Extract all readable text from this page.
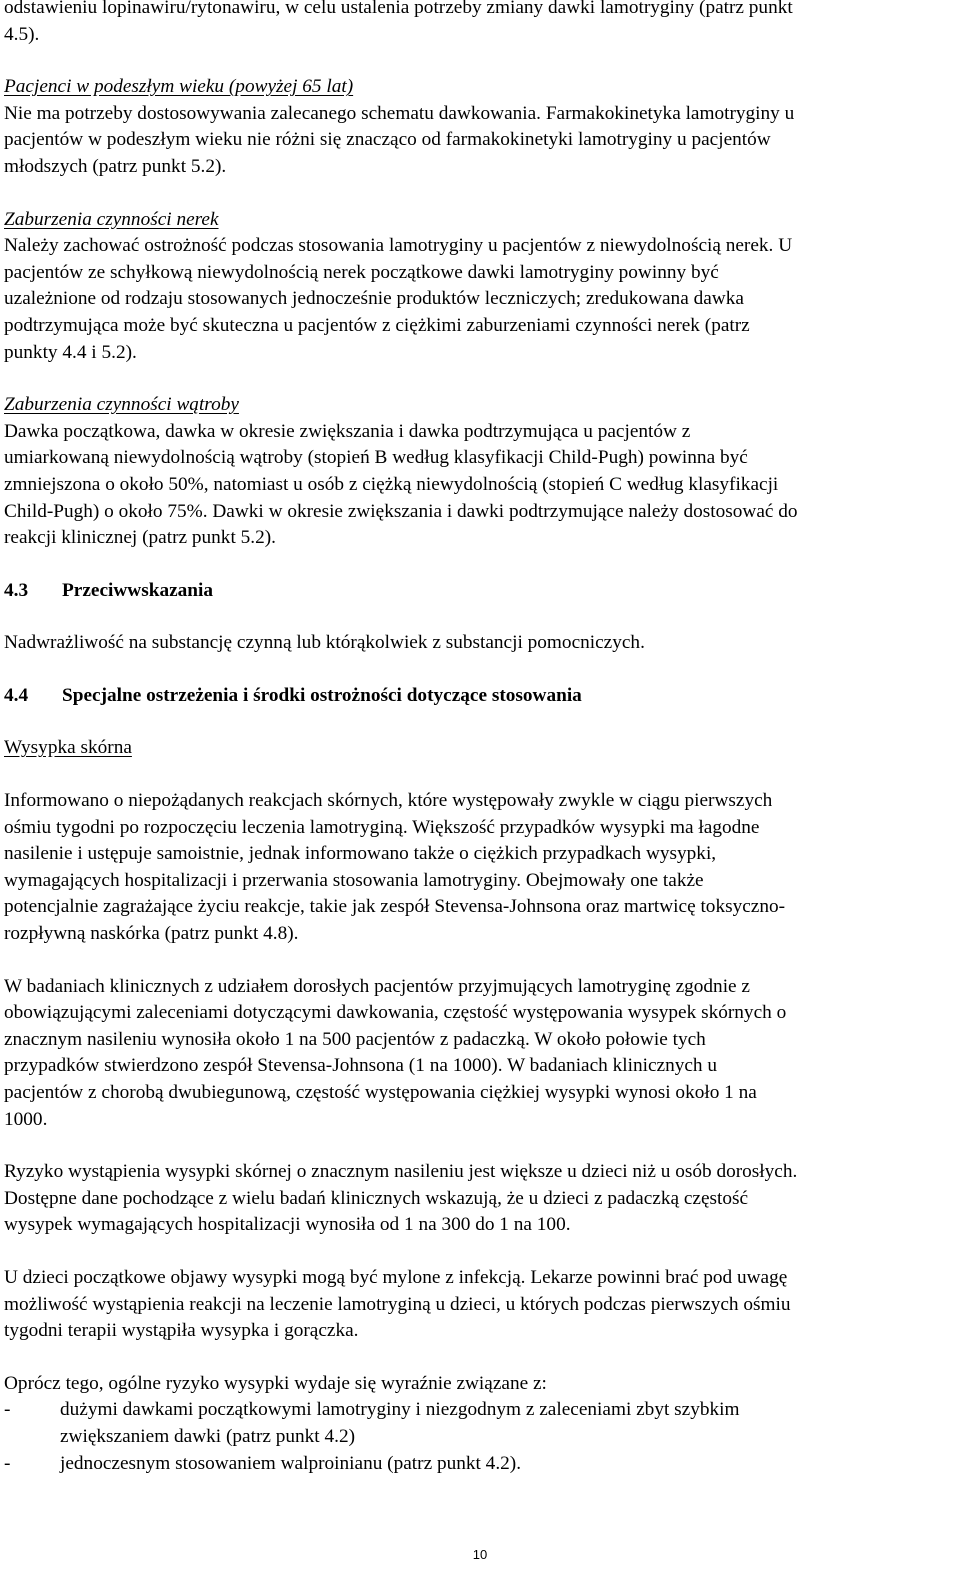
odstawieniu lopinawiru/rytonawiru, w celu ustalenia potrzeby zmiany dawki lamotryginy (patrz punkt

4.5).

Pacjenci w podeszłym wieku (powyżej 65 lat)

Nie ma potrzeby dostosowywania zalecanego schematu dawkowania. Farmakokinetyka lamotryginy u

pacjentów w podeszłym wieku nie różni się znacząco od farmakokinetyki lamotryginy u pacjentów

młodszych (patrz punkt 5.2).

Zaburzenia czynności nerek

Należy zachować ostrożność podczas stosowania lamotryginy u pacjentów z niewydolnością nerek. U

pacjentów ze schyłkową niewydolnością nerek początkowe dawki lamotryginy powinny być

uzależnione od rodzaju stosowanych jednocześnie produktów leczniczych; zredukowana dawka

podtrzymująca może być skuteczna u pacjentów z ciężkimi zaburzeniami czynności nerek (patrz

punkty 4.4 i 5.2).

Zaburzenia czynności wątroby

Dawka początkowa, dawka w okresie zwiększania i dawka podtrzymująca u pacjentów z

umiarkowaną niewydolnością wątroby (stopień B według klasyfikacji Child-Pugh) powinna być

zmniejszona o około 50%, natomiast u osób z ciężką niewydolnością (stopień C według klasyfikacji

Child-Pugh) o około 75%. Dawki w okresie zwiększania i dawki podtrzymujące należy dostosować do

reakcji klinicznej (patrz punkt 5.2).

4.3 Przeciwwskazania

Nadwrażliwość na substancję czynną lub którąkolwiek z substancji pomocniczych.

4.4 Specjalne ostrzeżenia i środki ostrożności dotyczące stosowania

Wysypka skórna

Informowano o niepożądanych reakcjach skórnych, które występowały zwykle w ciągu pierwszych

ośmiu tygodni po rozpoczęciu leczenia lamotryginą. Większość przypadków wysypki ma łagodne

nasilenie i ustępuje samoistnie, jednak informowano także o ciężkich przypadkach wysypki,

wymagających hospitalizacji i przerwania stosowania lamotryginy. Obejmowały one także

potencjalnie zagrażające życiu reakcje, takie jak zespół Stevensa-Johnsona oraz martwicę toksyczno-

rozpływną naskórka (patrz punkt 4.8).

W badaniach klinicznych z udziałem dorosłych pacjentów przyjmujących lamotryginę zgodnie z

obowiązującymi zaleceniami dotyczącymi dawkowania, częstość występowania wysypek skórnych o

znacznym nasileniu wynosiła około 1 na 500 pacjentów z padaczką. W około połowie tych

przypadków stwierdzono zespół Stevensa-Johnsona (1 na 1000). W badaniach klinicznych u

pacjentów z chorobą dwubiegunową, częstość występowania ciężkiej wysypki wynosi około 1 na

1000.

Ryzyko wystąpienia wysypki skórnej o znacznym nasileniu jest większe u dzieci niż u osób dorosłych.

Dostępne dane pochodzące z wielu badań klinicznych wskazują, że u dzieci z padaczką częstość

wysypek wymagających hospitalizacji wynosiła od 1 na 300 do 1 na 100.

U dzieci początkowe objawy wysypki mogą być mylone z infekcją. Lekarze powinni brać pod uwagę

możliwość wystąpienia reakcji na leczenie lamotryginą u dzieci, u których podczas pierwszych ośmiu

tygodni terapii wystąpiła wysypka i gorączka.

Oprócz tego, ogólne ryzyko wysypki wydaje się wyraźnie związane z:

-	dużymi dawkami początkowymi lamotryginy i niezgodnym z zaleceniami zbyt szybkim

zwiększaniem dawki (patrz punkt 4.2)

-	jednoczesnym stosowaniem walproinianu (patrz punkt 4.2).

10
